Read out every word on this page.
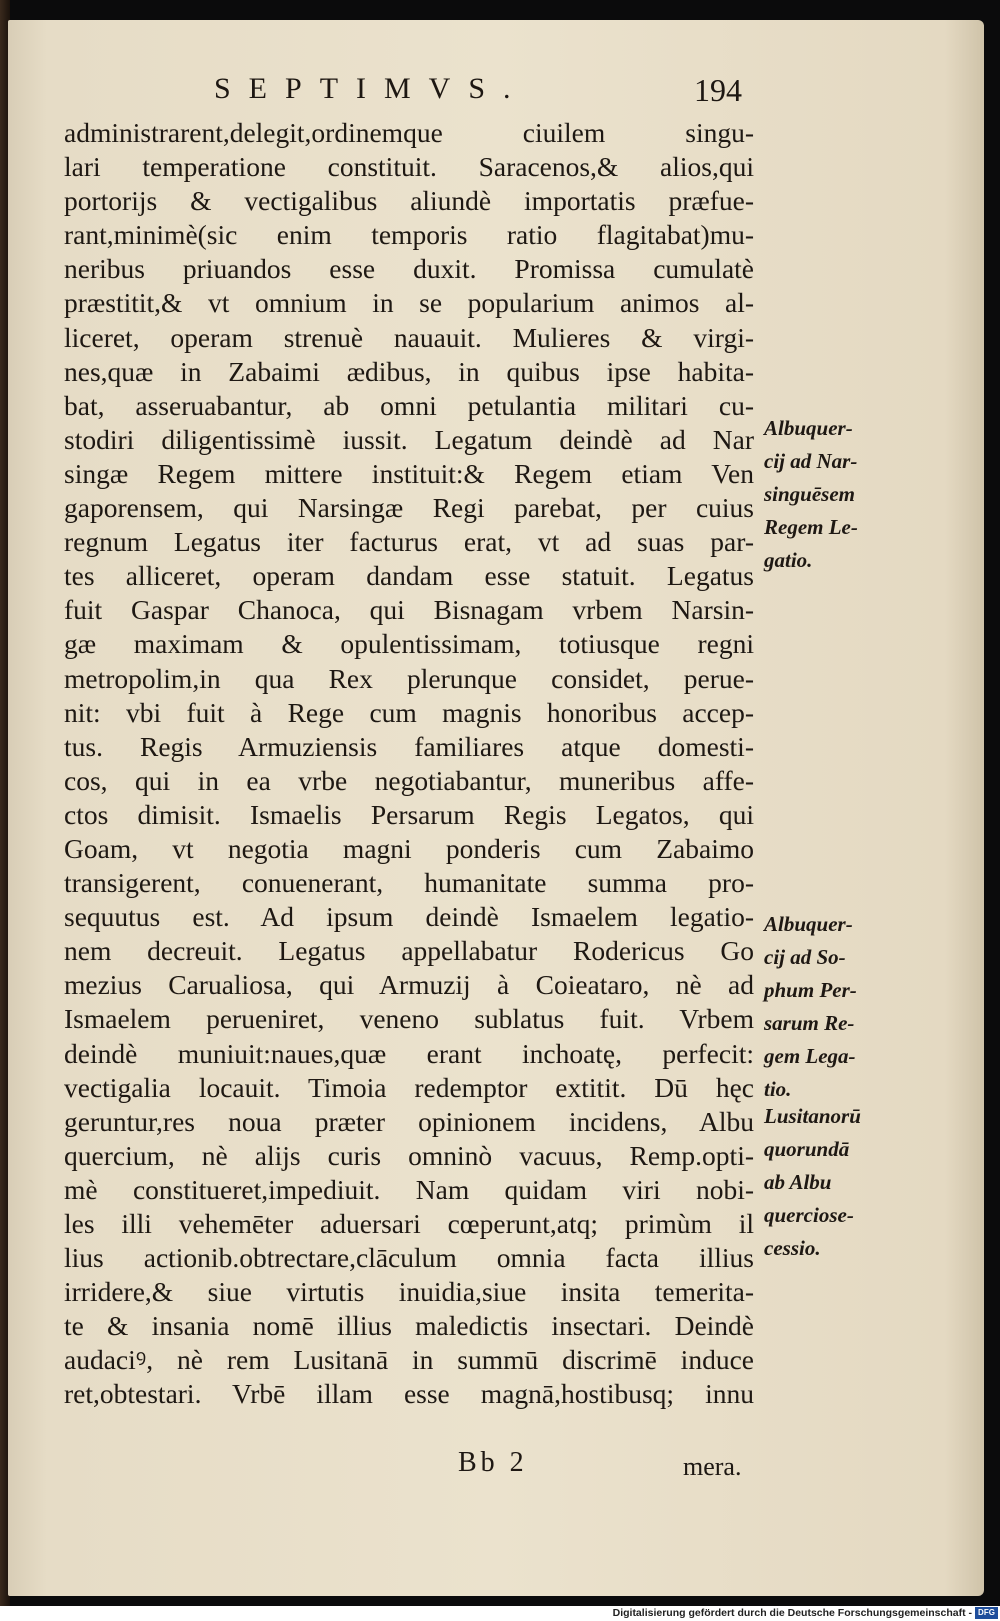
SEPTIMVS.	194
administrarent,delegit,ordinemque ciuilem singu-
lari temperatione constituit. Saracenos,& alios,qui
portorijs & vectigalibus aliundè importatis præfue-
rant,minimè(sic enim temporis ratio flagitabat)mu-
neribus priuandos esse duxit. Promissa cumulatè
præstitit,& vt omnium in se popularium animos al-
liceret, operam strenuè nauauit. Mulieres & virgi-
nes,quæ in Zabaimi ædibus, in quibus ipse habita-
bat, asseruabantur, ab omni petulantia militari cu-
stodiri diligentissimè iussit. Legatum deindè ad Nar
singæ Regem mittere instituit:& Regem etiam Ven
gaporensem, qui Narsingæ Regi parebat, per cuius
regnum Legatus iter facturus erat, vt ad suas par-
tes alliceret, operam dandam esse statuit. Legatus
fuit Gaspar Chanoca, qui Bisnagam vrbem Narsin-
gæ maximam & opulentissimam, totiusque regni
metropolim,in qua Rex plerunque considet, perue-
nit: vbi fuit à Rege cum magnis honoribus accep-
tus. Regis Armuziensis familiares atque domesti-
cos, qui in ea vrbe negotiabantur, muneribus affe-
ctos dimisit. Ismaelis Persarum Regis Legatos, qui
Goam, vt negotia magni ponderis cum Zabaimo
transigerent, conuenerant, humanitate summa pro-
sequutus est. Ad ipsum deindè Ismaelem legatio-
nem decreuit. Legatus appellabatur Rodericus Go
mezius Carualiosa, qui Armuzij à Coieataro, nè ad
Ismaelem perueniret, veneno sublatus fuit. Vrbem
deindè muniuit:naues,quæ erant inchoatę, perfecit:
vectigalia locauit. Timoia redemptor extitit. Dū hęc
geruntur,res noua præter opinionem incidens, Albu
quercium, nè alijs curis omninò vacuus, Remp.opti-
mè constitueret,impediuit. Nam quidam viri nobi-
les illi vehemēter aduersari cœperunt,atq; primùm il
lius actionib.obtrectare,clāculum omnia facta illius
irridere,& siue virtutis inuidia,siue insita temerita-
te & insania nomē illius maledictis insectari. Deindè
audaciꝰ, nè rem Lusitanā in summū discrimē induce
ret,obtestari. Vrbē illam esse magnā,hostibusq; innu
Albuquer-
cij ad Nar-
singuēsem
Regem Le-
gatio.
Albuquer-
cij ad So-
phum Per-
sarum Re-
gem Lega-
tio.
Lusitanorū
quorundā
ab Albu
querciose-
cessio.
Bb 2	mera.
Digitalisierung gefördert durch die Deutsche Forschungsgemeinschaft - DFG
